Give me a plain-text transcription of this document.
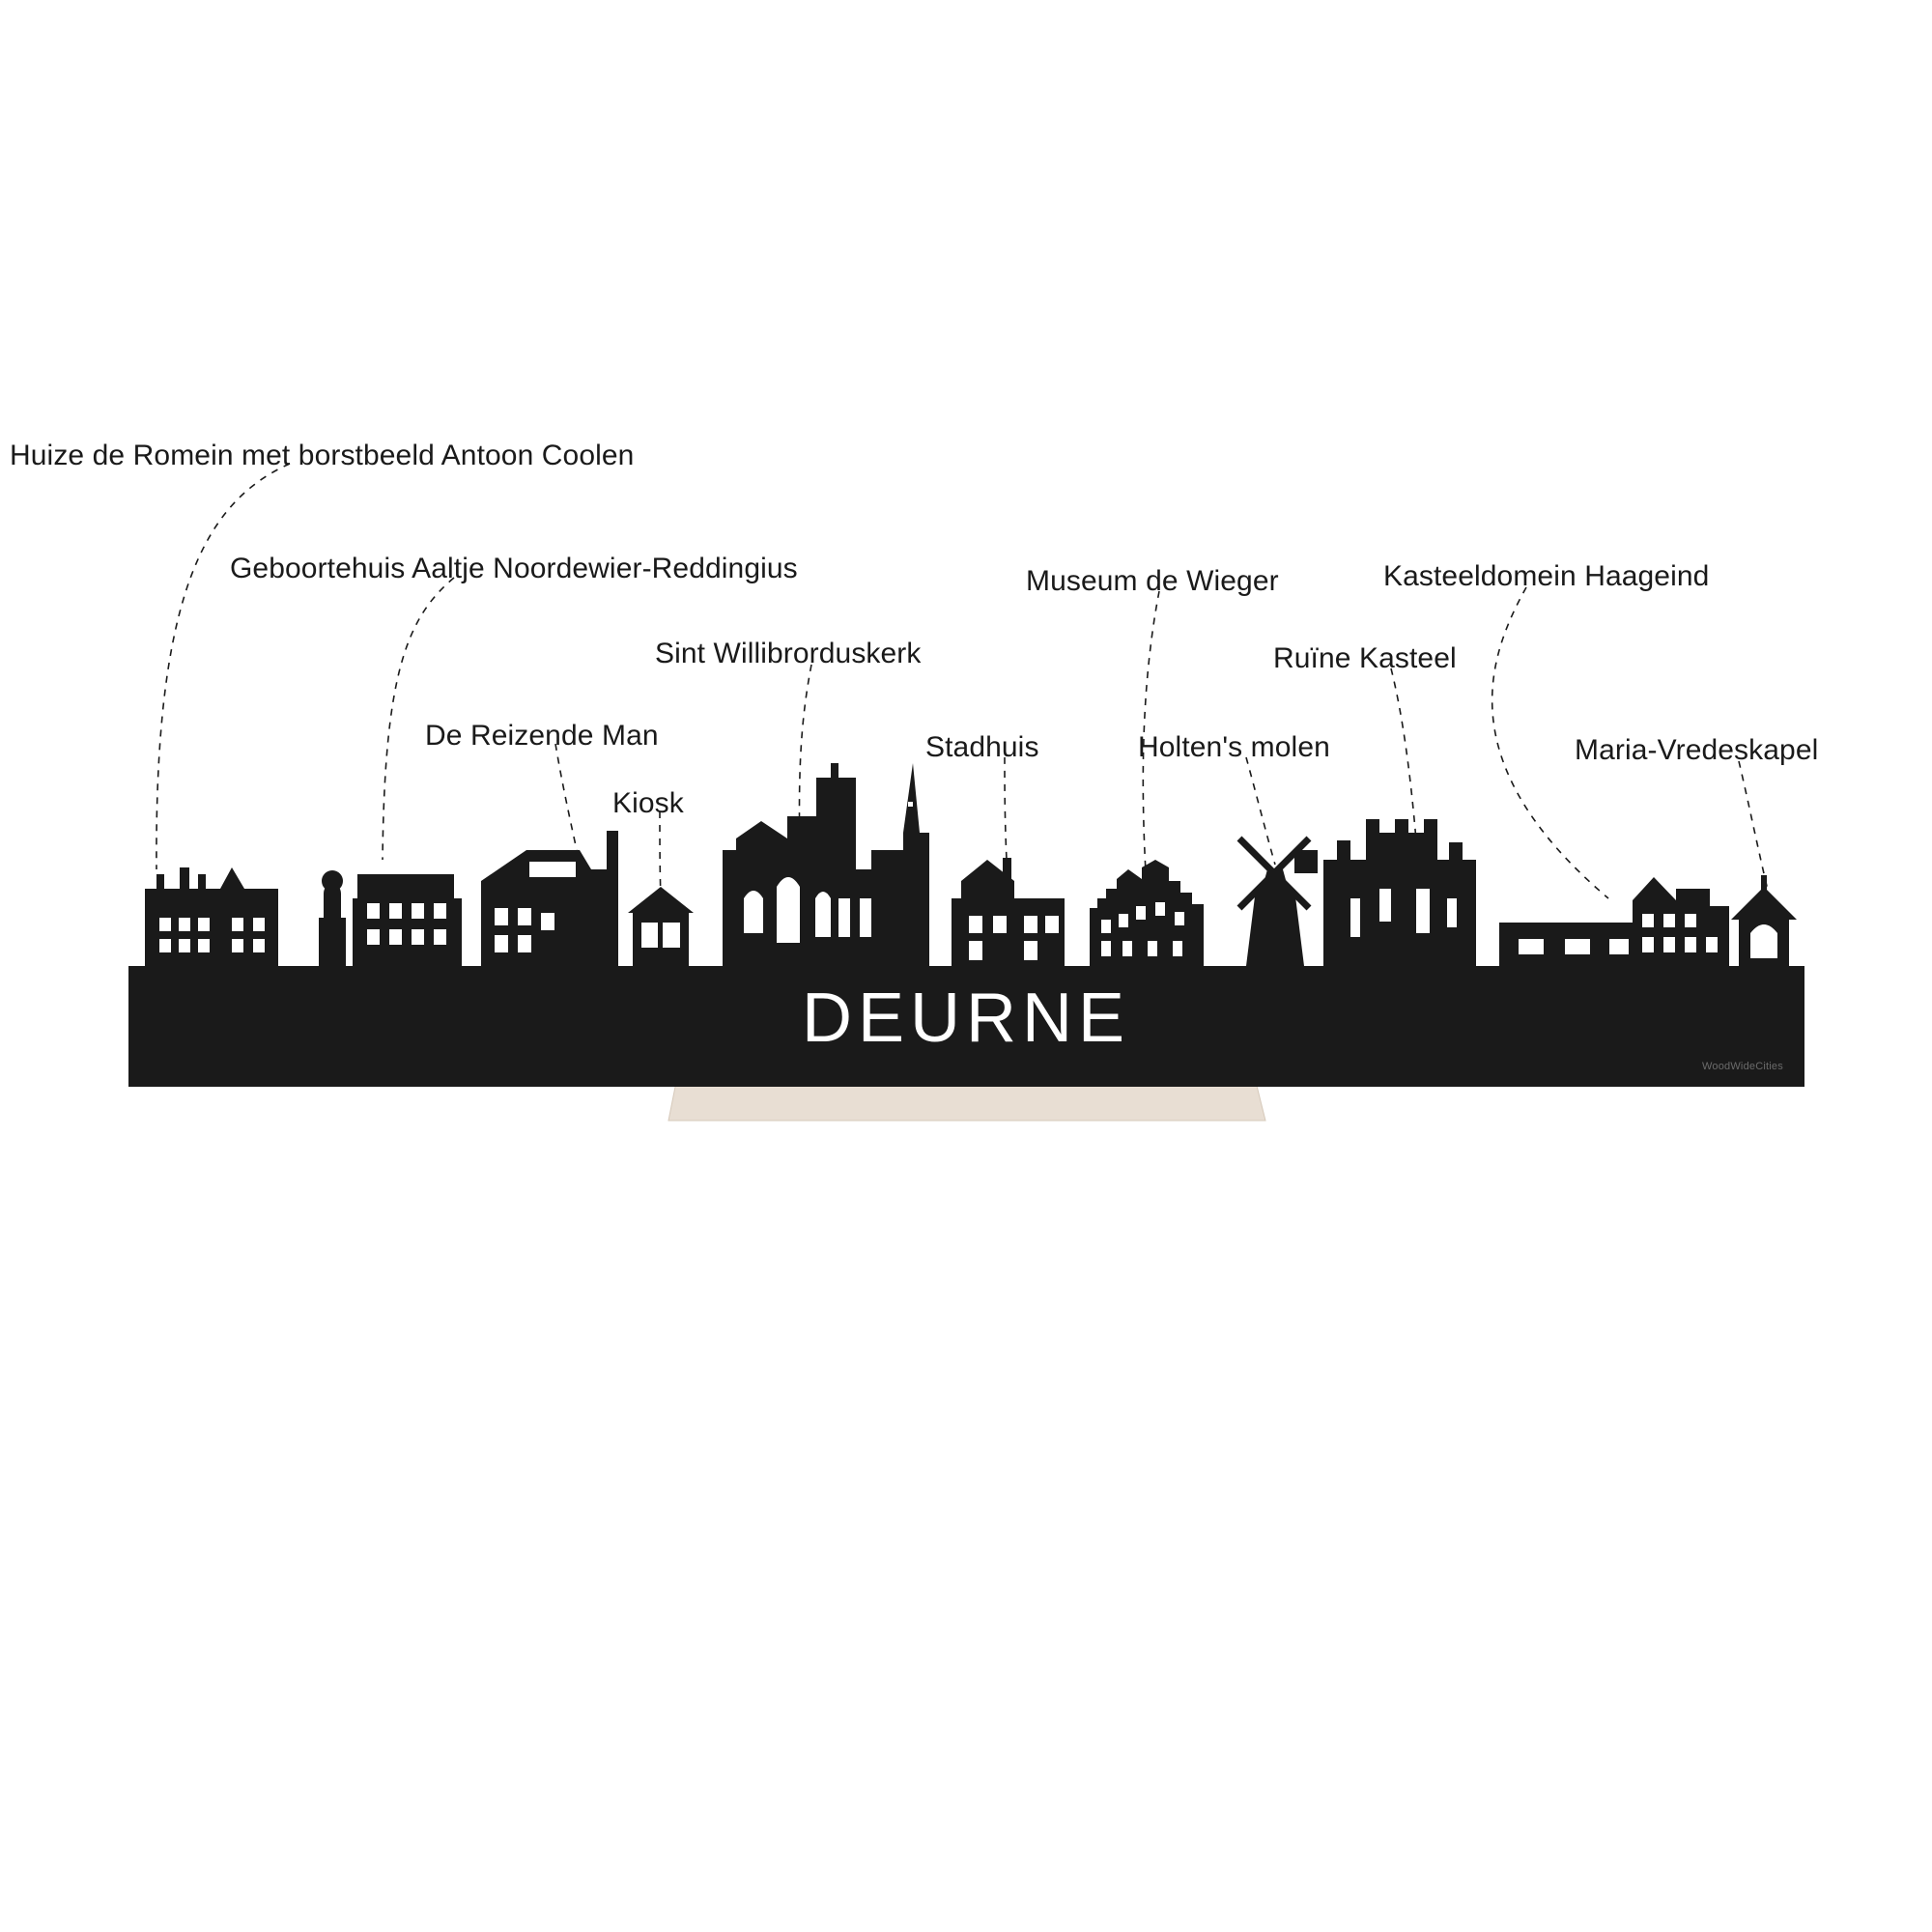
DEURNE
Huize de Romein met borstbeeld Antoon Coolen
Geboortehuis Aaltje Noordewier-Reddingius
Sint Willibrorduskerk
De Reizende Man
Kiosk
Stadhuis
Museum de Wieger
Holten's molen
Ruïne Kasteel
Kasteeldomein Haageind
Maria-Vredeskapel
WoodWideCities
